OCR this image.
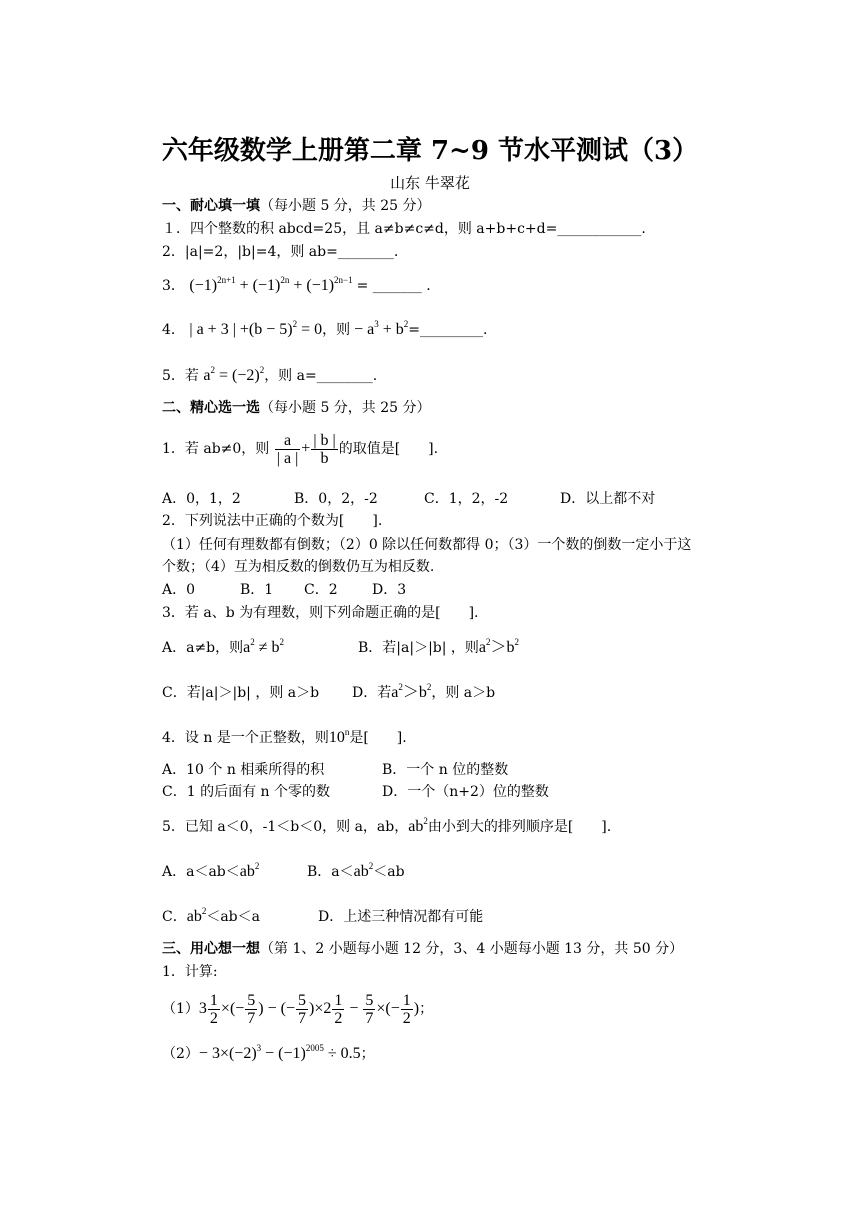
六年级数学上册第二章 7~9 节水平测试（3）
山东 牛翠花
一、耐心填一填（每小题 5 分，共 25 分）
１．四个整数的积 abcd=25，且 a≠b≠c≠d，则 a+b+c+d=____________.
2．|a|=2，|b|=4，则 ab=________.
3． $(-1)^{2n+1} + (-1)^{2n} + (-1)^{2n-1}$ = _______ .
4． | a + 3 | $+(b - 5)^2 = 0$，则 − $a^3$ + $b^2=\_\_\_\_\_\_\_\_\_$.
5．若 $a^2 = (-2)^2$，则 a=________.
二、精心选一选（每小题 5 分，共 25 分）
1．若 ab≠0，则 $\frac{a}{| a |} + \frac{| b |}{b}$ 的取值是[　　].
A．0，1，2	B．0，2，-2	C．1，2，-2	D．以上都不对
2．下列说法中正确的个数为[　　].
（1）任何有理数都有倒数；（2）0 除以任何数都得 0；（3）一个数的倒数一定小于这
个数；（4）互为相反数的倒数仍互为相反数.
A．0	B．1 C．2 D．3
3．若 a、b 为有理数，则下列命题正确的是[　　].
A．a≠b，则$a^2 \ne b^2$	B．若|a|＞|b| ，则$a^2>b^2$
C．若|a|＞|b| ，则 a＞b D．若$a^2>b^2$，则 a＞b
4．设 n 是一个正整数，则10$^n$是[　　].
A．10 个 n 相乘所得的积	B．一个 n 位的整数
C．1 的后面有 n 个零的数	D．一个（n+2）位的整数
5．已知 a＜0，-1＜b＜0，则 a，ab，$ab^2$由小到大的排列顺序是[　　].
A．$a<ab<ab^2$	B．$a<ab^2<ab$
C．$ab^2<ab<a$	D．上述三种情况都有可能
三、用心想一想（第 1、2 小题每小题 12 分，3、4 小题每小题 13 分，共 50 分）
1．计算:
$(1)3 \frac{1}{2}$ ×(− $\frac{5}{7}$ ) − (− $\frac{5}{7} )\times 2 \frac{1}{2} - \frac{5}{7}$ ×(− $\frac{1}{2}$ )；
$(2)- 3\times(-2)^3 - (-1)^{2005} \div 0.5$；
